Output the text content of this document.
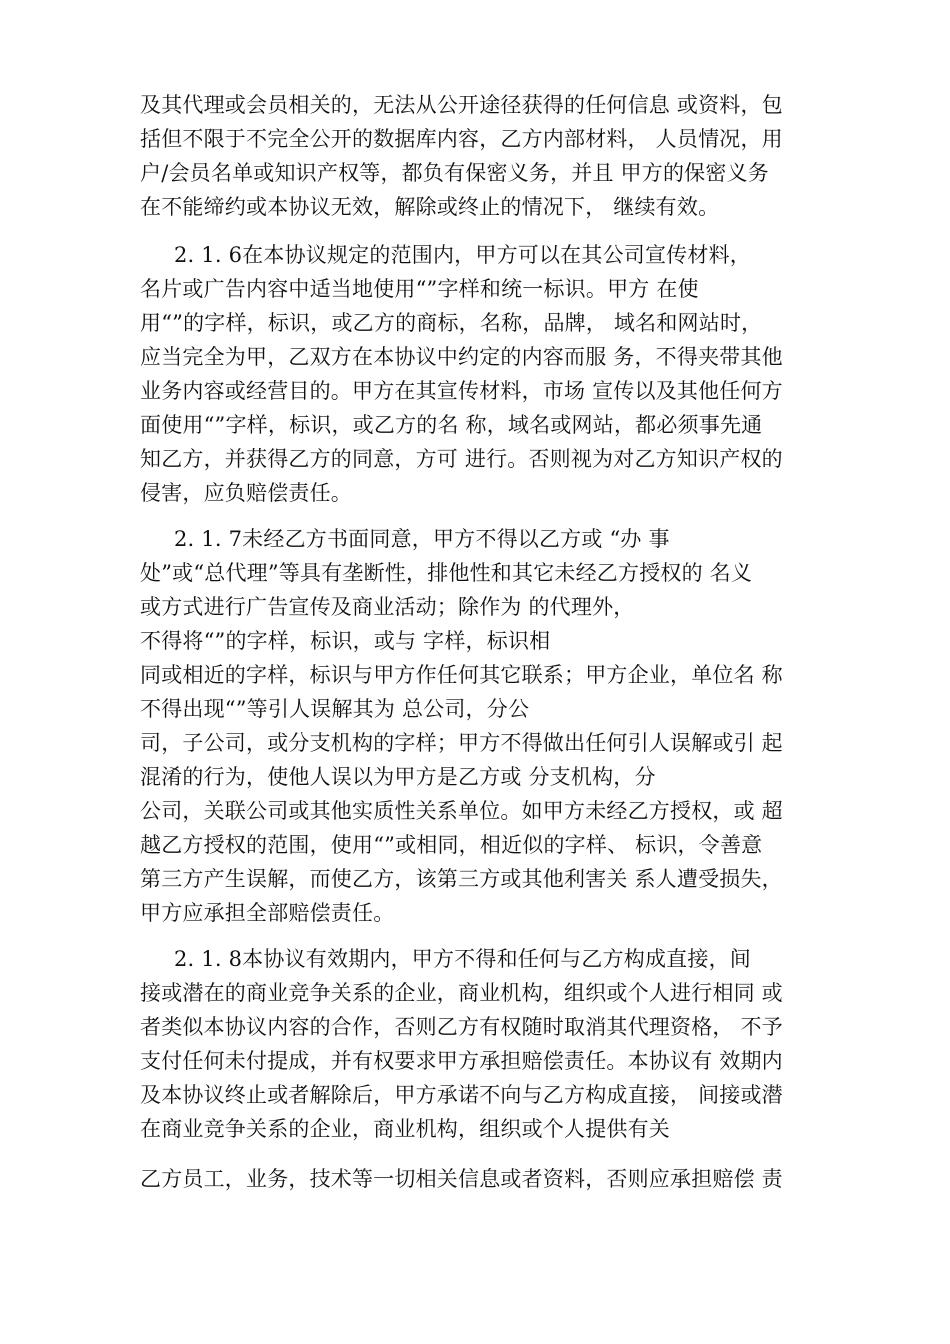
及其代理或会员相关的，无法从公开途径获得的任何信息 或资料，包
括但不限于不完全公开的数据库内容，乙方内部材料， 人员情况，用
户/会员名单或知识产权等，都负有保密义务，并且 甲方的保密义务
在不能缔约或本协议无效，解除或终止的情况下， 继续有效。
2. 1. 6在本协议规定的范围内，甲方可以在其公司宣传材料，
名片或广告内容中适当地使用“”字样和统一标识。甲方 在使
用“”的字样，标识，或乙方的商标，名称，品牌， 域名和网站时，
应当完全为甲，乙双方在本协议中约定的内容而服 务，不得夹带其他
业务内容或经营目的。甲方在其宣传材料，市场 宣传以及其他任何方
面使用“”字样，标识，或乙方的名 称，域名或网站，都必须事先通
知乙方，并获得乙方的同意，方可 进行。否则视为对乙方知识产权的
侵害，应负赔偿责任。
2. 1. 7未经乙方书面同意，甲方不得以乙方或 “办 事
处”或“总代理”等具有垄断性，排他性和其它未经乙方授权的 名义
或方式进行广告宣传及商业活动；除作为 的代理外，
不得将“”的字样，标识，或与 字样，标识相
同或相近的字样，标识与甲方作任何其它联系；甲方企业，单位名 称
不得出现“”等引人误解其为 总公司，分公
司，子公司，或分支机构的字样；甲方不得做出任何引人误解或引 起
混淆的行为，使他人误以为甲方是乙方或 分支机构，分
公司，关联公司或其他实质性关系单位。如甲方未经乙方授权，或 超
越乙方授权的范围，使用“”或相同，相近似的字样、 标识，令善意
第三方产生误解，而使乙方，该第三方或其他利害关 系人遭受损失，
甲方应承担全部赔偿责任。
2. 1. 8本协议有效期内，甲方不得和任何与乙方构成直接，间
接或潜在的商业竞争关系的企业，商业机构，组织或个人进行相同 或
者类似本协议内容的合作，否则乙方有权随时取消其代理资格， 不予
支付任何未付提成，并有权要求甲方承担赔偿责任。本协议有 效期内
及本协议终止或者解除后，甲方承诺不向与乙方构成直接， 间接或潜
在商业竞争关系的企业，商业机构，组织或个人提供有关
乙方员工，业务，技术等一切相关信息或者资料，否则应承担赔偿 责
